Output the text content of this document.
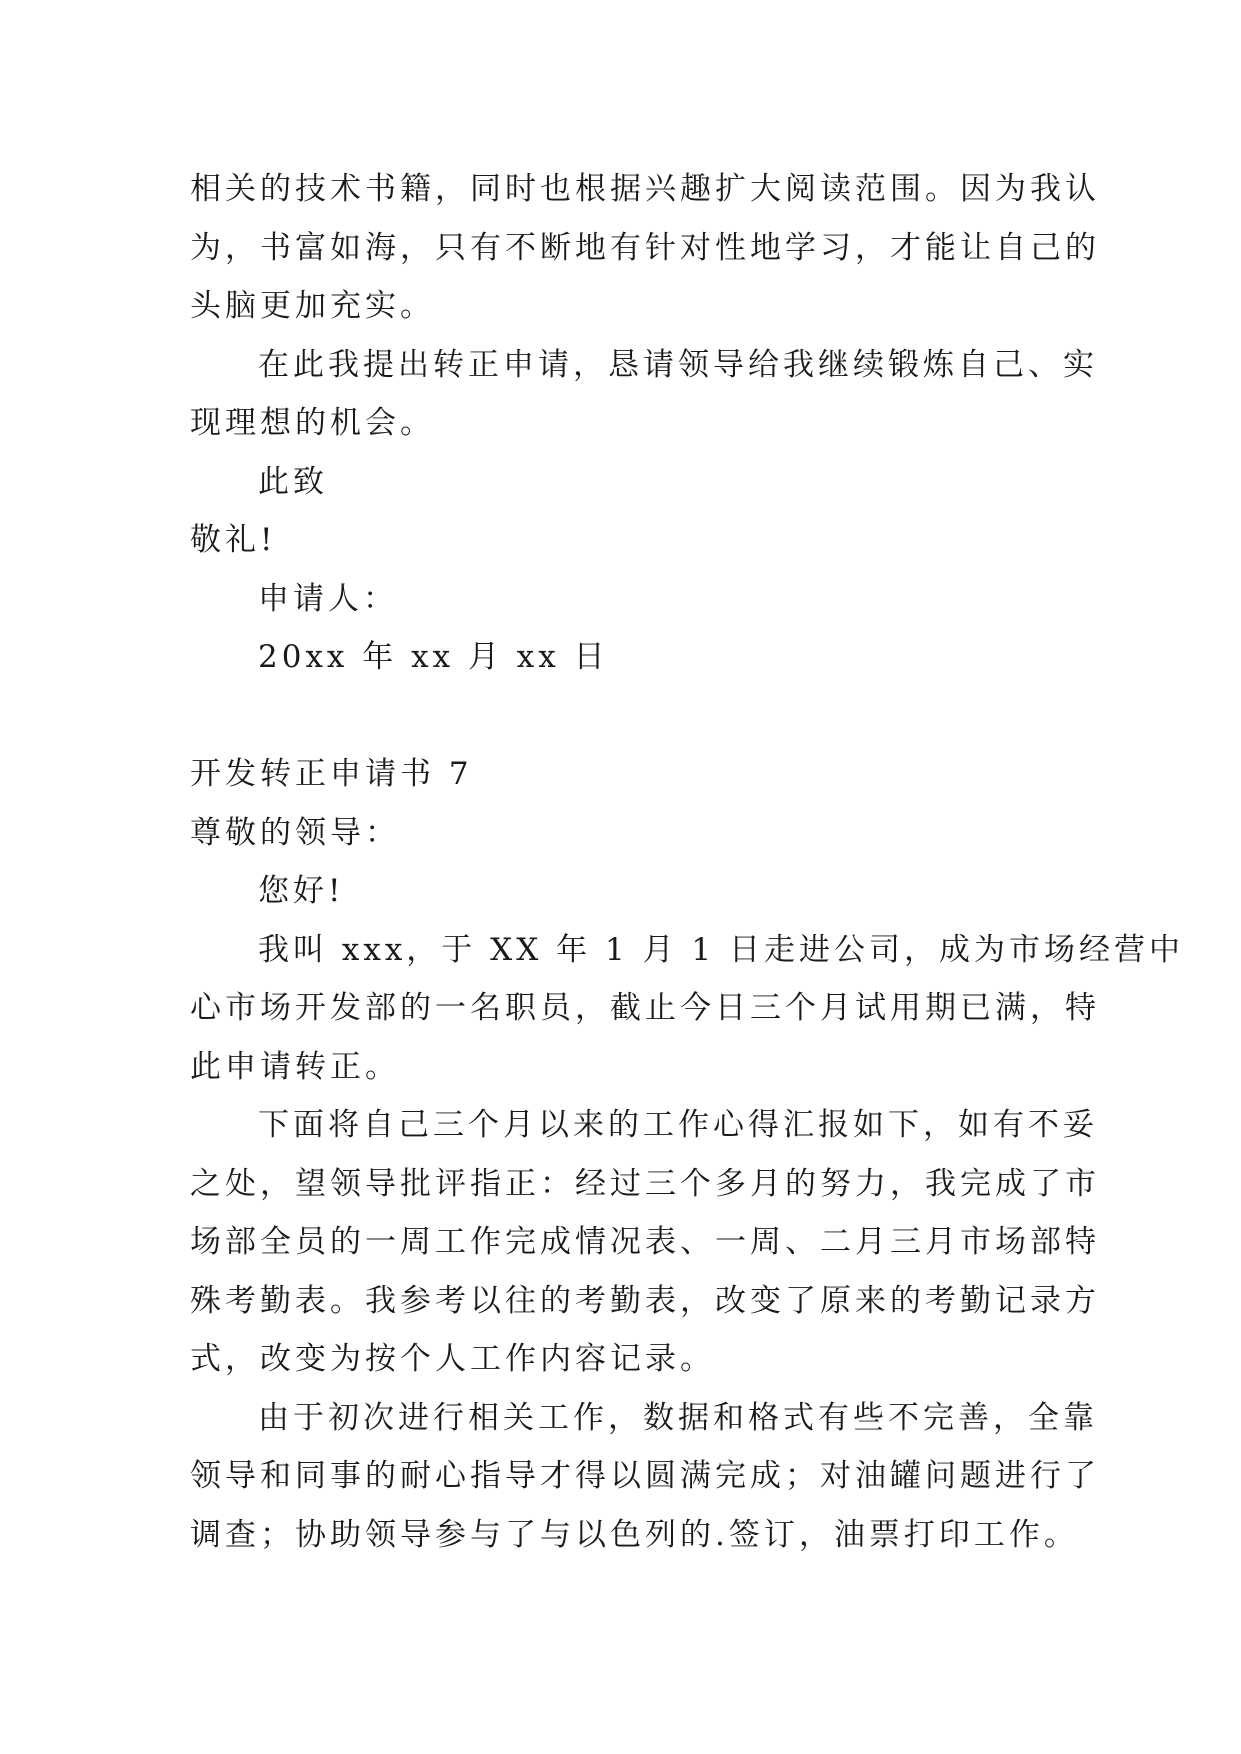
相关的技术书籍，同时也根据兴趣扩大阅读范围。因为我认
为，书富如海，只有不断地有针对性地学习，才能让自己的
头脑更加充实。
在此我提出转正申请，恳请领导给我继续锻炼自己、实
现理想的机会。
此致
敬礼!
申请人：
20xx 年 xx 月 xx 日
开发转正申请书 7
尊敬的领导：
您好!
我叫 xxx，于 XX 年 1 月 1 日走进公司，成为市场经营中
心市场开发部的一名职员，截止今日三个月试用期已满，特
此申请转正。
下面将自己三个月以来的工作心得汇报如下，如有不妥
之处，望领导批评指正：经过三个多月的努力，我完成了市
场部全员的一周工作完成情况表、一周、二月三月市场部特
殊考勤表。我参考以往的考勤表，改变了原来的考勤记录方
式，改变为按个人工作内容记录。
由于初次进行相关工作，数据和格式有些不完善，全靠
领导和同事的耐心指导才得以圆满完成；对油罐问题进行了
调查；协助领导参与了与以色列的.签订，油票打印工作。
